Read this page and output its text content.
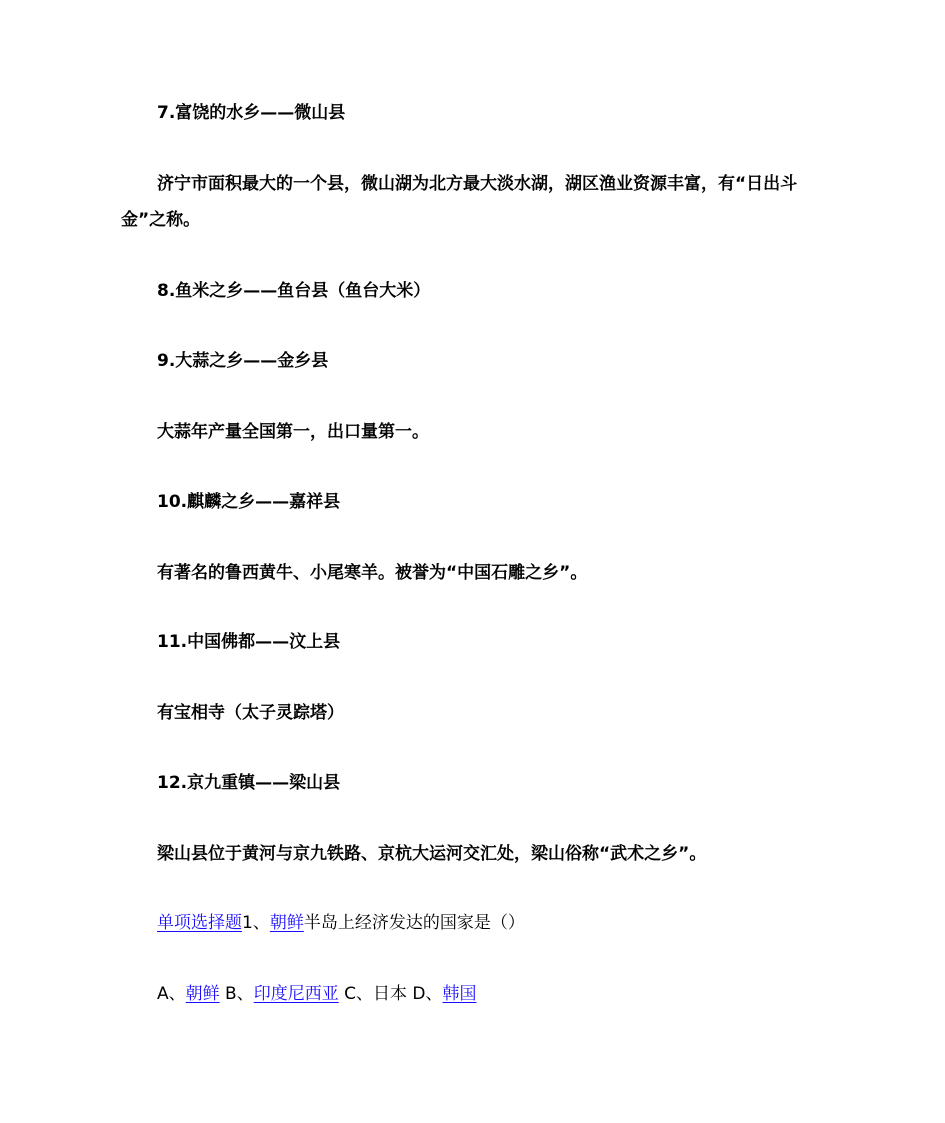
7.富饶的水乡——微山县
济宁市面积最大的一个县，微山湖为北方最大淡水湖，湖区渔业资源丰富，有“日出斗金”之称。
8.鱼米之乡——鱼台县（鱼台大米）
9.大蒜之乡——金乡县
大蒜年产量全国第一，出口量第一。
10.麒麟之乡——嘉祥县
有著名的鲁西黄牛、小尾寒羊。被誉为“中国石雕之乡”。
11.中国佛都——汶上县
有宝相寺（太子灵踪塔）
12.京九重镇——梁山县
梁山县位于黄河与京九铁路、京杭大运河交汇处，梁山俗称“武术之乡”。
单项选择题1、朝鲜半岛上经济发达的国家是（）
A、朝鲜 B、印度尼西亚 C、日本 D、韩国
